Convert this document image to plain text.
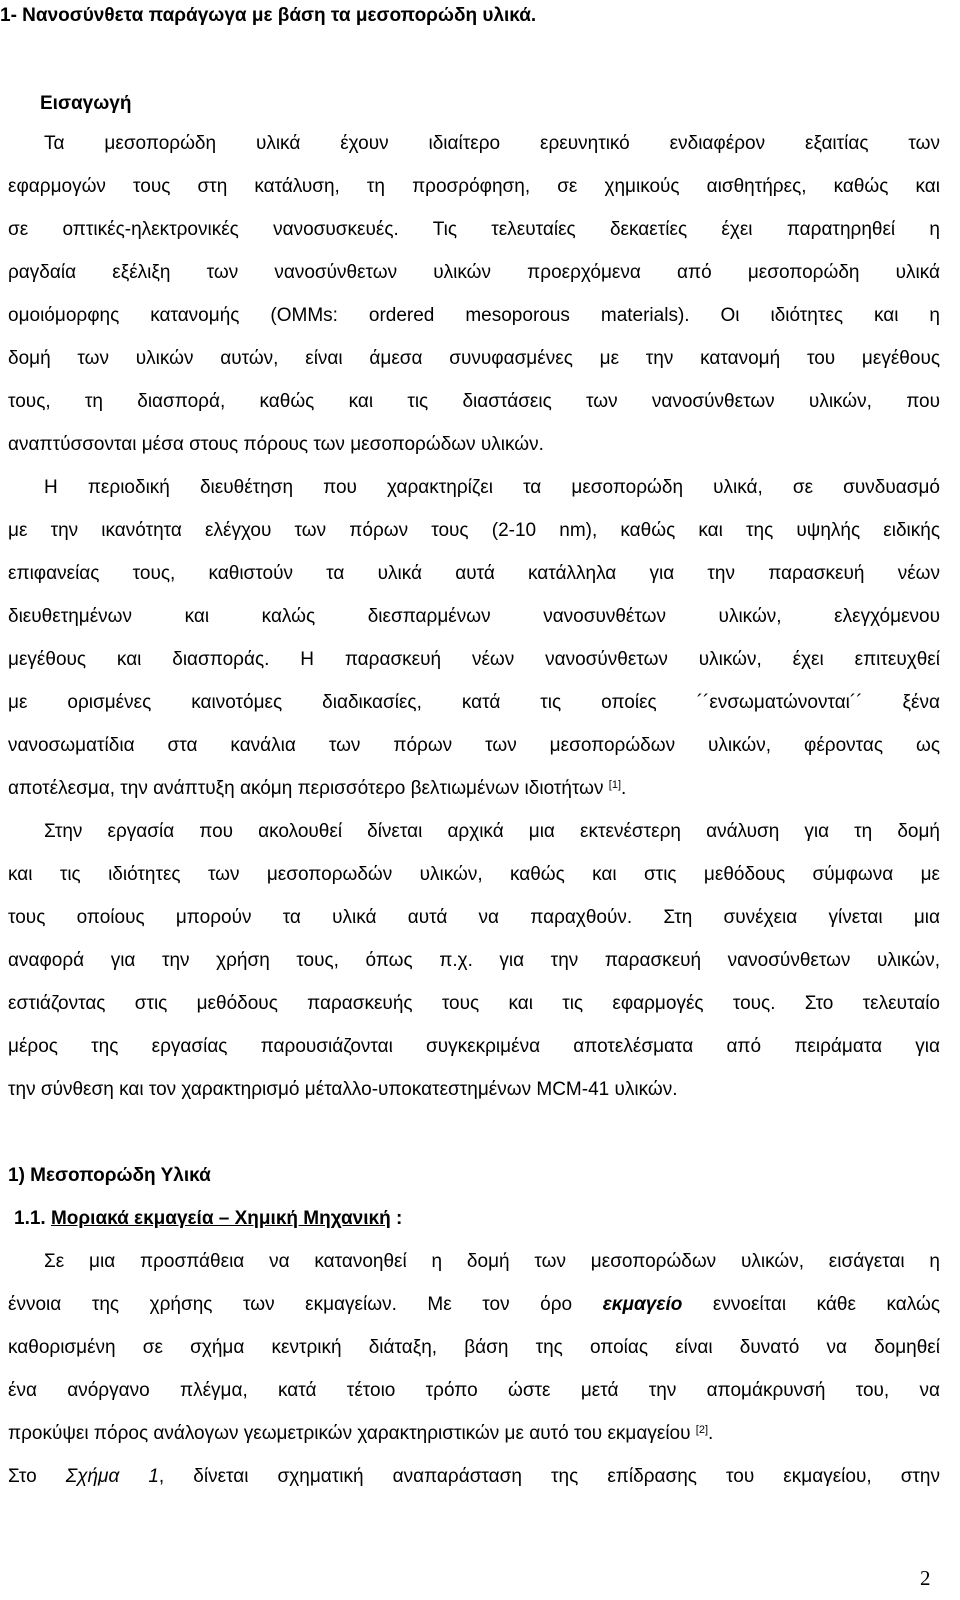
1- Νανοσύνθετα παράγωγα με βάση τα μεσοπορώδη υλικά.
Εισαγωγή
Τα μεσοπορώδη υλικά έχουν ιδιαίτερο ερευνητικό ενδιαφέρον εξαιτίας των
εφαρμογών τους στη κατάλυση, τη προσρόφηση, σε χημικούς αισθητήρες, καθώς και
σε οπτικές-ηλεκτρονικές νανοσυσκευές. Τις τελευταίες δεκαετίες έχει παρατηρηθεί η
ραγδαία εξέλιξη των νανοσύνθετων υλικών προερχόμενα από μεσοπορώδη υλικά
ομοιόμορφης κατανομής (OMMs: ordered mesoporous materials). Οι ιδιότητες και η
δομή των υλικών αυτών, είναι άμεσα συνυφασμένες με την κατανομή του μεγέθους
τους, τη διασπορά, καθώς και τις διαστάσεις των νανοσύνθετων υλικών, που
αναπτύσσονται μέσα στους πόρους των μεσοπορώδων υλικών.
Η περιοδική διευθέτηση που χαρακτηρίζει τα μεσοπορώδη υλικά, σε συνδυασμό
με την ικανότητα ελέγχου των πόρων τους (2-10 nm), καθώς και της υψηλής ειδικής
επιφανείας τους, καθιστούν τα υλικά αυτά κατάλληλα για την παρασκευή νέων
διευθετημένων και καλώς διεσπαρμένων νανοσυνθέτων υλικών, ελεγχόμενου
μεγέθους και διασποράς. Η παρασκευή νέων νανοσύνθετων υλικών, έχει επιτευχθεί
με ορισμένες καινοτόμες διαδικασίες, κατά τις οποίες ´´ενσωματώνονται´´ ξένα
νανοσωματίδια στα κανάλια των πόρων των μεσοπορώδων υλικών, φέροντας ως
αποτέλεσμα, την ανάπτυξη ακόμη περισσότερο βελτιωμένων ιδιοτήτων [1].
Στην εργασία που ακολουθεί δίνεται αρχικά μια εκτενέστερη ανάλυση για τη δομή
και τις ιδιότητες των μεσοπορωδών υλικών, καθώς και στις μεθόδους σύμφωνα με
τους οποίους μπορούν τα υλικά αυτά να παραχθούν. Στη συνέχεια γίνεται μια
αναφορά για την χρήση τους, όπως π.χ. για την παρασκευή νανοσύνθετων υλικών,
εστιάζοντας στις μεθόδους παρασκευής τους και τις εφαρμογές τους. Στο τελευταίο
μέρος της εργασίας παρουσιάζονται συγκεκριμένα αποτελέσματα από πειράματα για
την σύνθεση και τον χαρακτηρισμό μέταλλο-υποκατεστημένων MCM-41 υλικών.
1) Μεσοπορώδη Υλικά
1.1. Μοριακά εκμαγεία – Χημική Μηχανική :
Σε μια προσπάθεια να κατανοηθεί η δομή των μεσοπορώδων υλικών, εισάγεται η
έννοια της χρήσης των εκμαγείων. Με τον όρο εκμαγείο εννοείται κάθε καλώς
καθορισμένη σε σχήμα κεντρική διάταξη, βάση της οποίας είναι δυνατό να δομηθεί
ένα ανόργανο πλέγμα, κατά τέτοιο τρόπο ώστε μετά την απομάκρυνσή του, να
προκύψει πόρος ανάλογων γεωμετρικών χαρακτηριστικών με αυτό του εκμαγείου [2].
Στο Σχήμα 1, δίνεται σχηματική αναπαράσταση της επίδρασης του εκμαγείου, στην
2
